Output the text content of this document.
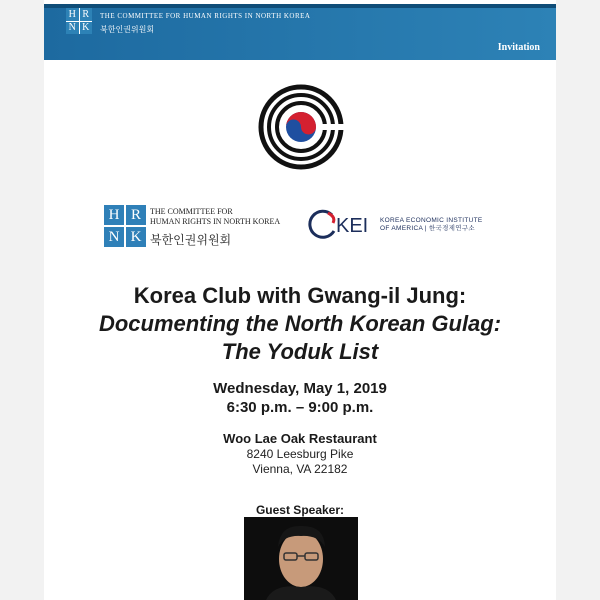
H R
N K
THE COMMITTEE FOR HUMAN RIGHTS IN NORTH KOREA
북한인권위원회
Invitation
H R
N K
THE COMMITTEE FOR
HUMAN RIGHTS IN NORTH KOREA
북한인권위원회
KEI KOREA ECONOMIC INSTITUTE
OF AMERICA | 한국경제연구소
Korea Club with Gwang-il Jung:
Documenting the North Korean Gulag:
The Yoduk List
Wednesday, May 1, 2019
6:30 p.m. – 9:00 p.m.
Woo Lae Oak Restaurant
8240 Leesburg Pike
Vienna, VA 22182
Guest Speaker:
